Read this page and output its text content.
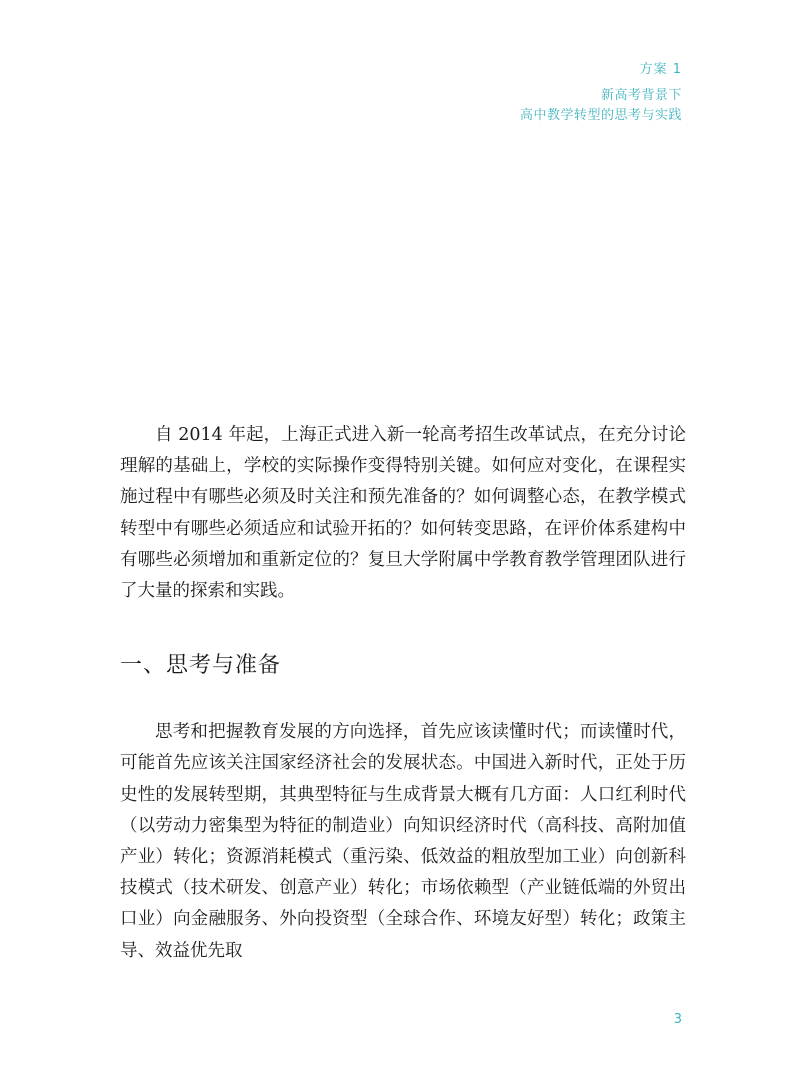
方案 1
新高考背景下
高中教学转型的思考与实践

自 2014 年起，上海正式进入新一轮高考招生改革试点，在充分讨论理解的基础上，学校的实际操作变得特别关键。如何应对变化，在课程实施过程中有哪些必须及时关注和预先准备的？如何调整心态，在教学模式转型中有哪些必须适应和试验开拓的？如何转变思路，在评价体系建构中有哪些必须增加和重新定位的？复旦大学附属中学教育教学管理团队进行了大量的探索和实践。

一、思考与准备

思考和把握教育发展的方向选择，首先应该读懂时代；而读懂时代，可能首先应该关注国家经济社会的发展状态。中国进入新时代，正处于历史性的发展转型期，其典型特征与生成背景大概有几方面：人口红利时代（以劳动力密集型为特征的制造业）向知识经济时代（高科技、高附加值产业）转化；资源消耗模式（重污染、低效益的粗放型加工业）向创新科技模式（技术研发、创意产业）转化；市场依赖型（产业链低端的外贸出口业）向金融服务、外向投资型（全球合作、环境友好型）转化；政策主导、效益优先取

3
